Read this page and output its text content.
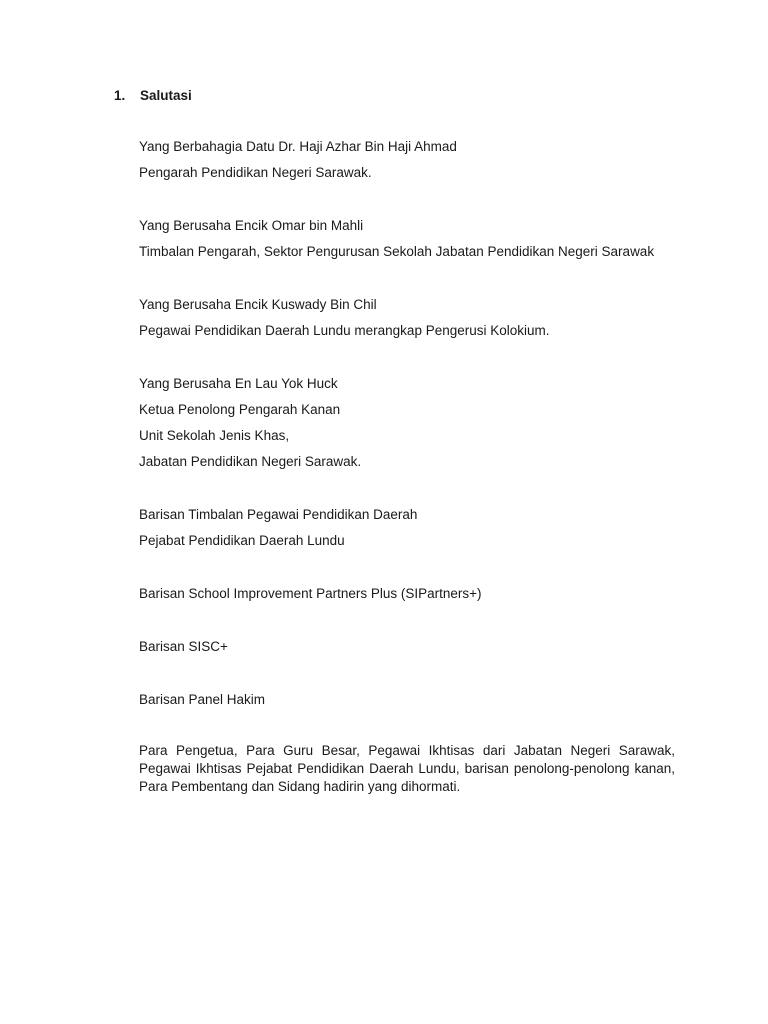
1. Salutasi
Yang Berbahagia Datu Dr. Haji Azhar Bin Haji Ahmad
Pengarah Pendidikan Negeri Sarawak.
Yang Berusaha Encik Omar bin Mahli
Timbalan Pengarah, Sektor Pengurusan Sekolah Jabatan Pendidikan Negeri Sarawak
Yang Berusaha Encik Kuswady Bin Chil
Pegawai Pendidikan Daerah Lundu merangkap Pengerusi Kolokium.
Yang Berusaha En Lau Yok Huck
Ketua Penolong Pengarah Kanan
Unit Sekolah Jenis Khas,
Jabatan Pendidikan Negeri Sarawak.
Barisan Timbalan Pegawai Pendidikan Daerah
Pejabat Pendidikan Daerah Lundu
Barisan School Improvement Partners Plus (SIPartners+)
Barisan SISC+
Barisan Panel Hakim

Para Pengetua, Para Guru Besar, Pegawai Ikhtisas dari Jabatan Negeri Sarawak, Pegawai Ikhtisas Pejabat Pendidikan Daerah Lundu, barisan penolong-penolong kanan, Para Pembentang dan Sidang hadirin yang dihormati.
